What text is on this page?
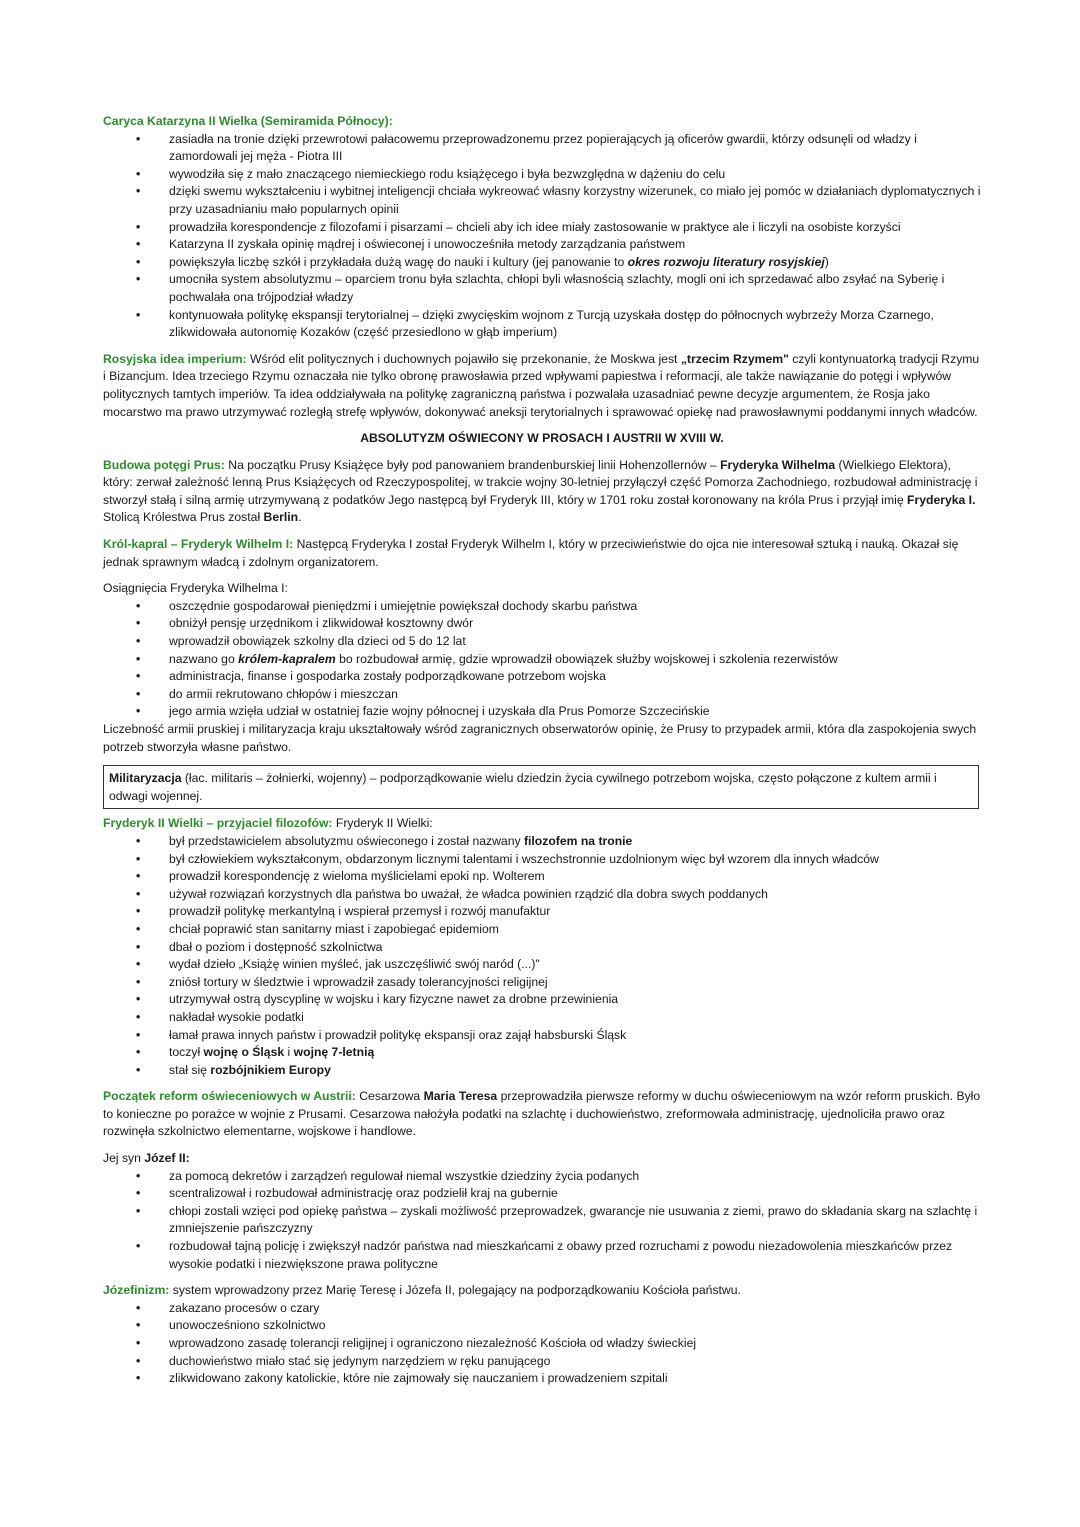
Caryca Katarzyna II Wielka (Semiramida Północy):

• zasiadła na tronie dzięki przewrotowi pałacowemu przeprowadzonemu przez popierających ją oficerów gwardii, którzy odsunęli od władzy i zamordowali jej męża - Piotra III
• wywodziła się z mało znaczącego niemieckiego rodu książęcego i była bezwzględna w dążeniu do celu
• dzięki swemu wykształceniu i wybitnej inteligencji chciała wykreować własny korzystny wizerunek, co miało jej pomóc w działaniach dyplomatycznych i przy uzasadnianiu mało popularnych opinii
• prowadziła korespondencje z filozofami i pisarzami – chcieli aby ich idee miały zastosowanie w praktyce ale i liczyli na osobiste korzyści
• Katarzyna II zyskała opinię mądrej i oświeconej i unowocześniła metody zarządzania państwem
• powiększyła liczbę szkół i przykładała dużą wagę do nauki i kultury (jej panowanie to okres rozwoju literatury rosyjskiej)
• umocniła system absolutyzmu – oparciem tronu była szlachta, chłopi byli własnością szlachty, mogli oni ich sprzedawać albo zsyłać na Syberię i pochwalała ona trójpodział władzy
• kontynuowała politykę ekspansji terytorialnej – dzięki zwycięskim wojnom z Turcją uzyskała dostęp do północnych wybrzeży Morza Czarnego, zlikwidowała autonomię Kozaków (część przesiedlono w głąb imperium)

Rosyjska idea imperium: Wśród elit politycznych i duchownych pojawiło się przekonanie, że Moskwa jest „trzecim Rzymem" czyli kontynuatorką tradycji Rzymu i Bizancjum. Idea trzeciego Rzymu oznaczała nie tylko obronę prawosławia przed wpływami papiestwa i reformacji, ale także nawiązanie do potęgi i wpływów politycznych tamtych imperiów. Ta idea oddziaływała na politykę zagraniczną państwa i pozwalała uzasadniać pewne decyzje argumentem, że Rosja jako mocarstwo ma prawo utrzymywać rozległą strefę wpływów, dokonywać aneksji terytorialnych i sprawować opiekę nad prawosławnymi poddanymi innych władców.

ABSOLUTYZM OŚWIECONY W PROSACH I AUSTRII W XVIII W.

Budowa potęgi Prus: Na początku Prusy Książęce były pod panowaniem brandenburskiej linii Hohenzollernów – Fryderyka Wilhelma (Wielkiego Elektora), który: zerwał zależność lenną Prus Książęcych od Rzeczypospolitej, w trakcie wojny 30-letniej przyłączył część Pomorza Zachodniego, rozbudował administrację i stworzył stałą i silną armię utrzymywaną z podatków Jego następcą był Fryderyk III, który w 1701 roku został koronowany na króla Prus i przyjął imię Fryderyka I. Stolicą Królestwa Prus został Berlin.

Król-kapral – Fryderyk Wilhelm I: Następcą Fryderyka I został Fryderyk Wilhelm I, który w przeciwieństwie do ojca nie interesował sztuką i nauką. Okazał się jednak sprawnym władcą i zdolnym organizatorem.

Osiągnięcia Fryderyka Wilhelma I:

• oszczędnie gospodarował pieniędzmi i umiejętnie powiększał dochody skarbu państwa
• obniżył pensję urzędnikom i zlikwidował kosztowny dwór
• wprowadził obowiązek szkolny dla dzieci od 5 do 12 lat
• nazwano go królem-kapralem bo rozbudował armię, gdzie wprowadził obowiązek służby wojskowej i szkolenia rezerwistów
• administracja, finanse i gospodarka zostały podporządkowane potrzebom wojska
• do armii rekrutowano chłopów i mieszczan
• jego armia wzięła udział w ostatniej fazie wojny północnej i uzyskała dla Prus Pomorze Szczecińskie

Liczebność armii pruskiej i militaryzacja kraju ukształtowały wśród zagranicznych obserwatorów opinię, że Prusy to przypadek armii, która dla zaspokojenia swych potrzeb stworzyła własne państwo.

Militaryzacja (łac. militaris – żołnierki, wojenny) – podporządkowanie wielu dziedzin życia cywilnego potrzebom wojska, często połączone z kultem armii i odwagi wojennej.

Fryderyk II Wielki – przyjaciel filozofów: Fryderyk II Wielki:

• był przedstawicielem absolutyzmu oświeconego i został nazwany filozofem na tronie
• był człowiekiem wykształconym, obdarzonym licznymi talentami i wszechstronnie uzdolnionym więc był wzorem dla innych władców
• prowadził korespondencję z wieloma myślicielami epoki np. Wolterem
• używał rozwiązań korzystnych dla państwa bo uważał, że władca powinien rządzić dla dobra swych poddanych
• prowadził politykę merkantylną i wspierał przemysł i rozwój manufaktur
• chciał poprawić stan sanitarny miast i zapobiegać epidemiom
• dbał o poziom i dostępność szkolnictwa
• wydał dzieło „Książę winien myśleć, jak uszczęśliwić swój naród (...)"
• zniósł tortury w śledztwie i wprowadził zasady tolerancyjności religijnej
• utrzymywał ostrą dyscyplinę w wojsku i kary fizyczne nawet za drobne przewinienia
• nakładał wysokie podatki
• łamał prawa innych państw i prowadził politykę ekspansji oraz zajął habsburski Śląsk
• toczył wojnę o Śląsk i wojnę 7-letnią
• stał się rozbójnikiem Europy

Początek reform oświeceniowych w Austrii: Cesarzowa Maria Teresa przeprowadziła pierwsze reformy w duchu oświeceniowym na wzór reform pruskich. Było to konieczne po porażce w wojnie z Prusami. Cesarzowa nałożyła podatki na szlachtę i duchowieństwo, zreformowała administrację, ujednoliciła prawo oraz rozwinęła szkolnictwo elementarne, wojskowe i handlowe.

Jej syn Józef II:

• za pomocą dekretów i zarządzeń regulował niemal wszystkie dziedziny życia podanych
• scentralizował i rozbudował administrację oraz podzielił kraj na gubernie
• chłopi zostali wzięci pod opiekę państwa – zyskali możliwość przeprowadzek, gwarancje nie usuwania z ziemi, prawo do składania skarg na szlachtę i zmniejszenie pańszczyzny
• rozbudował tajną policję i zwiększył nadzór państwa nad mieszkańcami z obawy przed rozruchami z powodu niezadowolenia mieszkańców przez wysokie podatki i niezwiększone prawa polityczne

Józefinizm: system wprowadzony przez Marię Teresę i Józefa II, polegający na podporządkowaniu Kościoła państwu.

• zakazano procesów o czary
• unowocześniono szkolnictwo
• wprowadzono zasadę tolerancji religijnej i ograniczono niezależność Kościoła od władzy świeckiej
• duchowieństwo miało stać się jedynym narzędziem w ręku panującego
• zlikwidowano zakony katolickie, które nie zajmowały się nauczaniem i prowadzeniem szpitali
